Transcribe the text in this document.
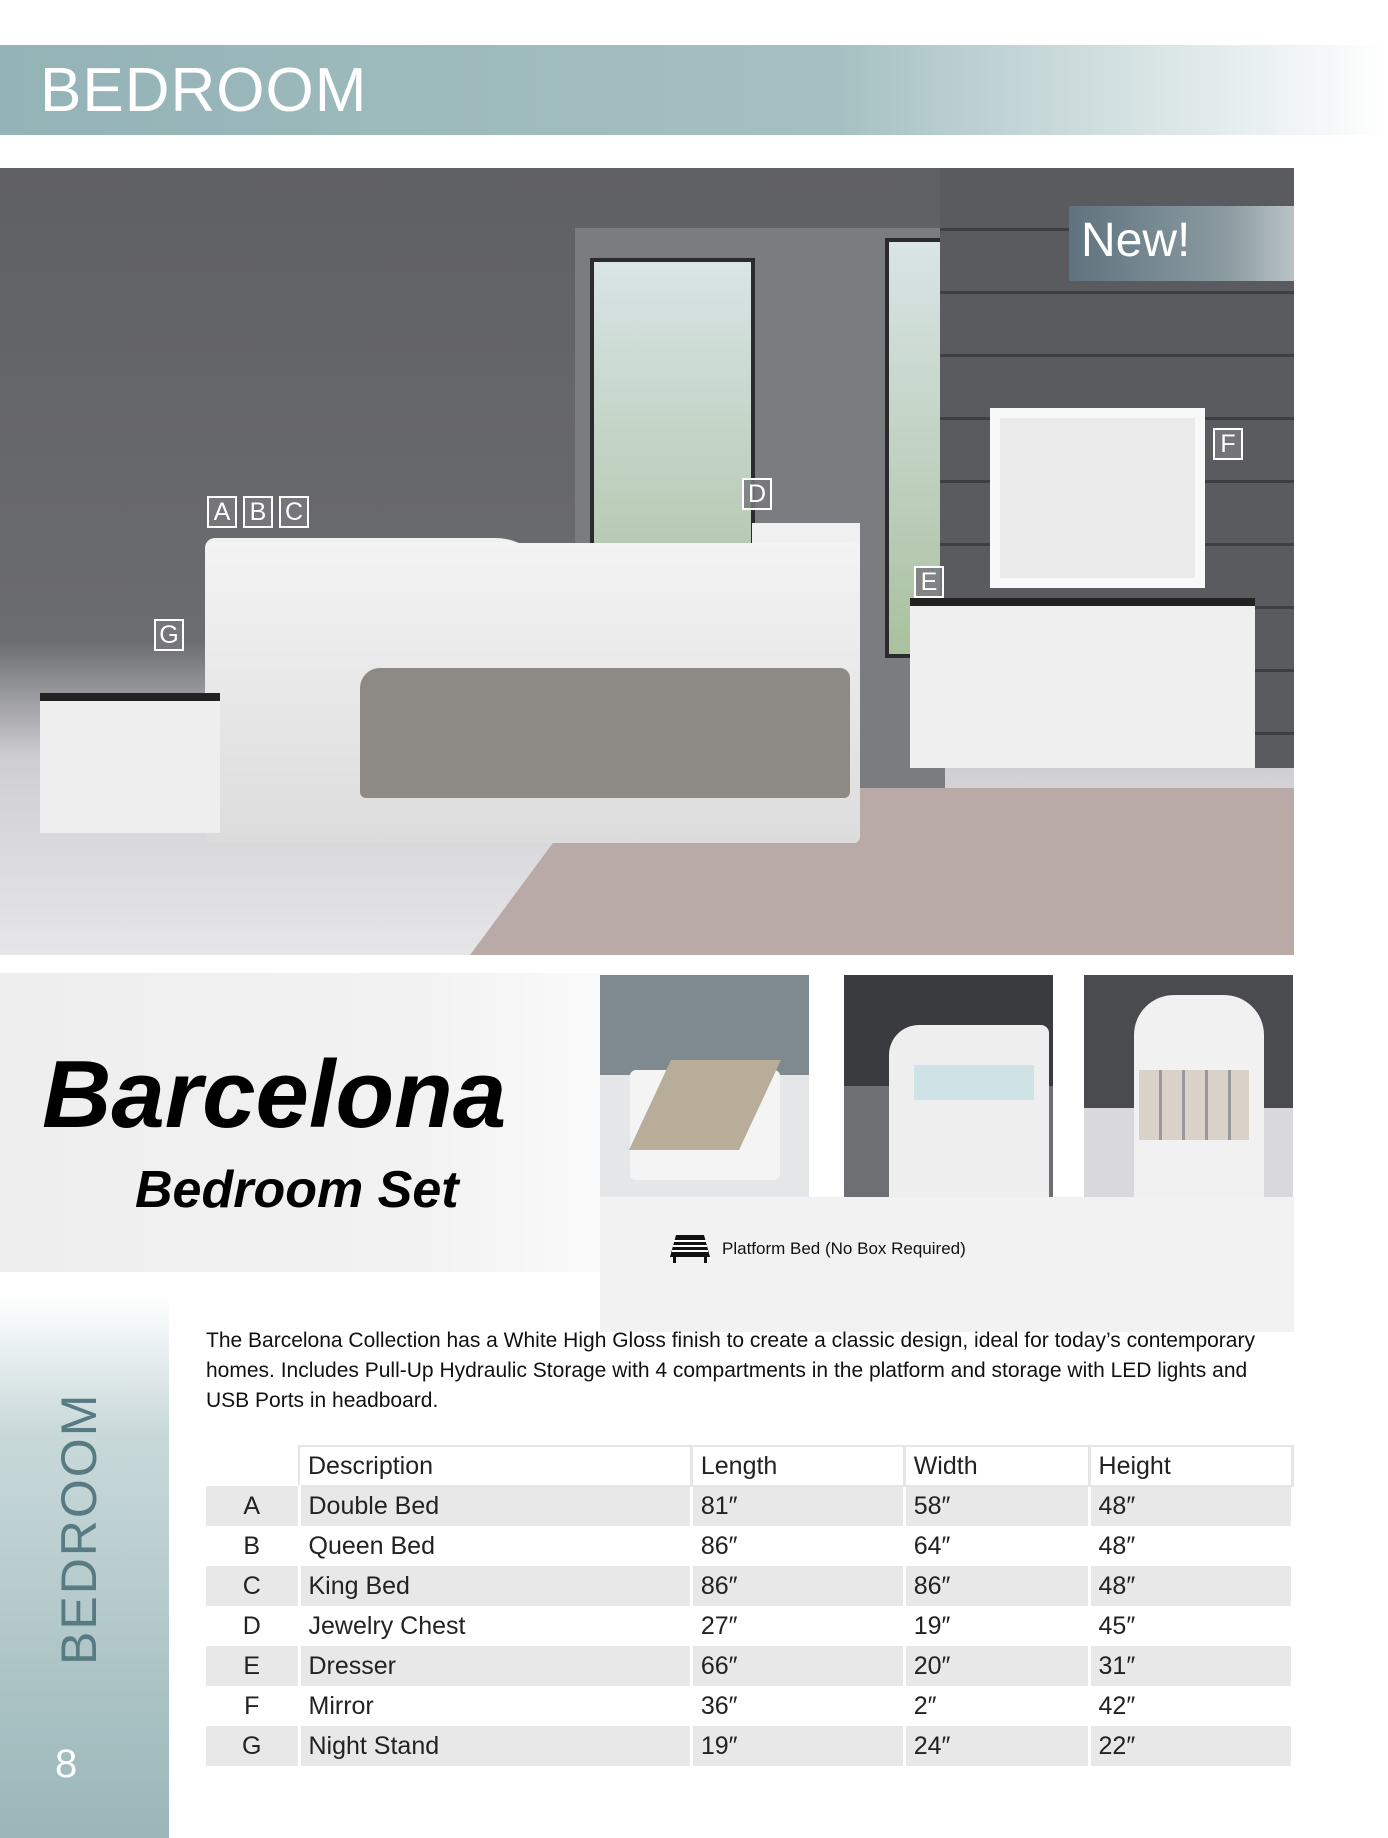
BEDROOM
A B C
D
E
F
G
New!
Barcelona
Bedroom Set
Platform Bed (No Box Required)
BEDROOM
8

The Barcelona Collection has a White High Gloss finish to create a classic design, ideal for today’s contemporary homes. Includes Pull-Up Hydraulic Storage with 4 compartments in the platform and storage with LED lights and USB Ports in headboard.

	Description	Length	Width	Height
A	Double Bed	81″	58″	48″
B	Queen Bed	86″	64″	48″
C	King Bed	86″	86″	48″
D	Jewelry Chest	27″	19″	45″
E	Dresser	66″	20″	31″
F	Mirror	36″	2″	42″
G	Night Stand	19″	24″	22″
